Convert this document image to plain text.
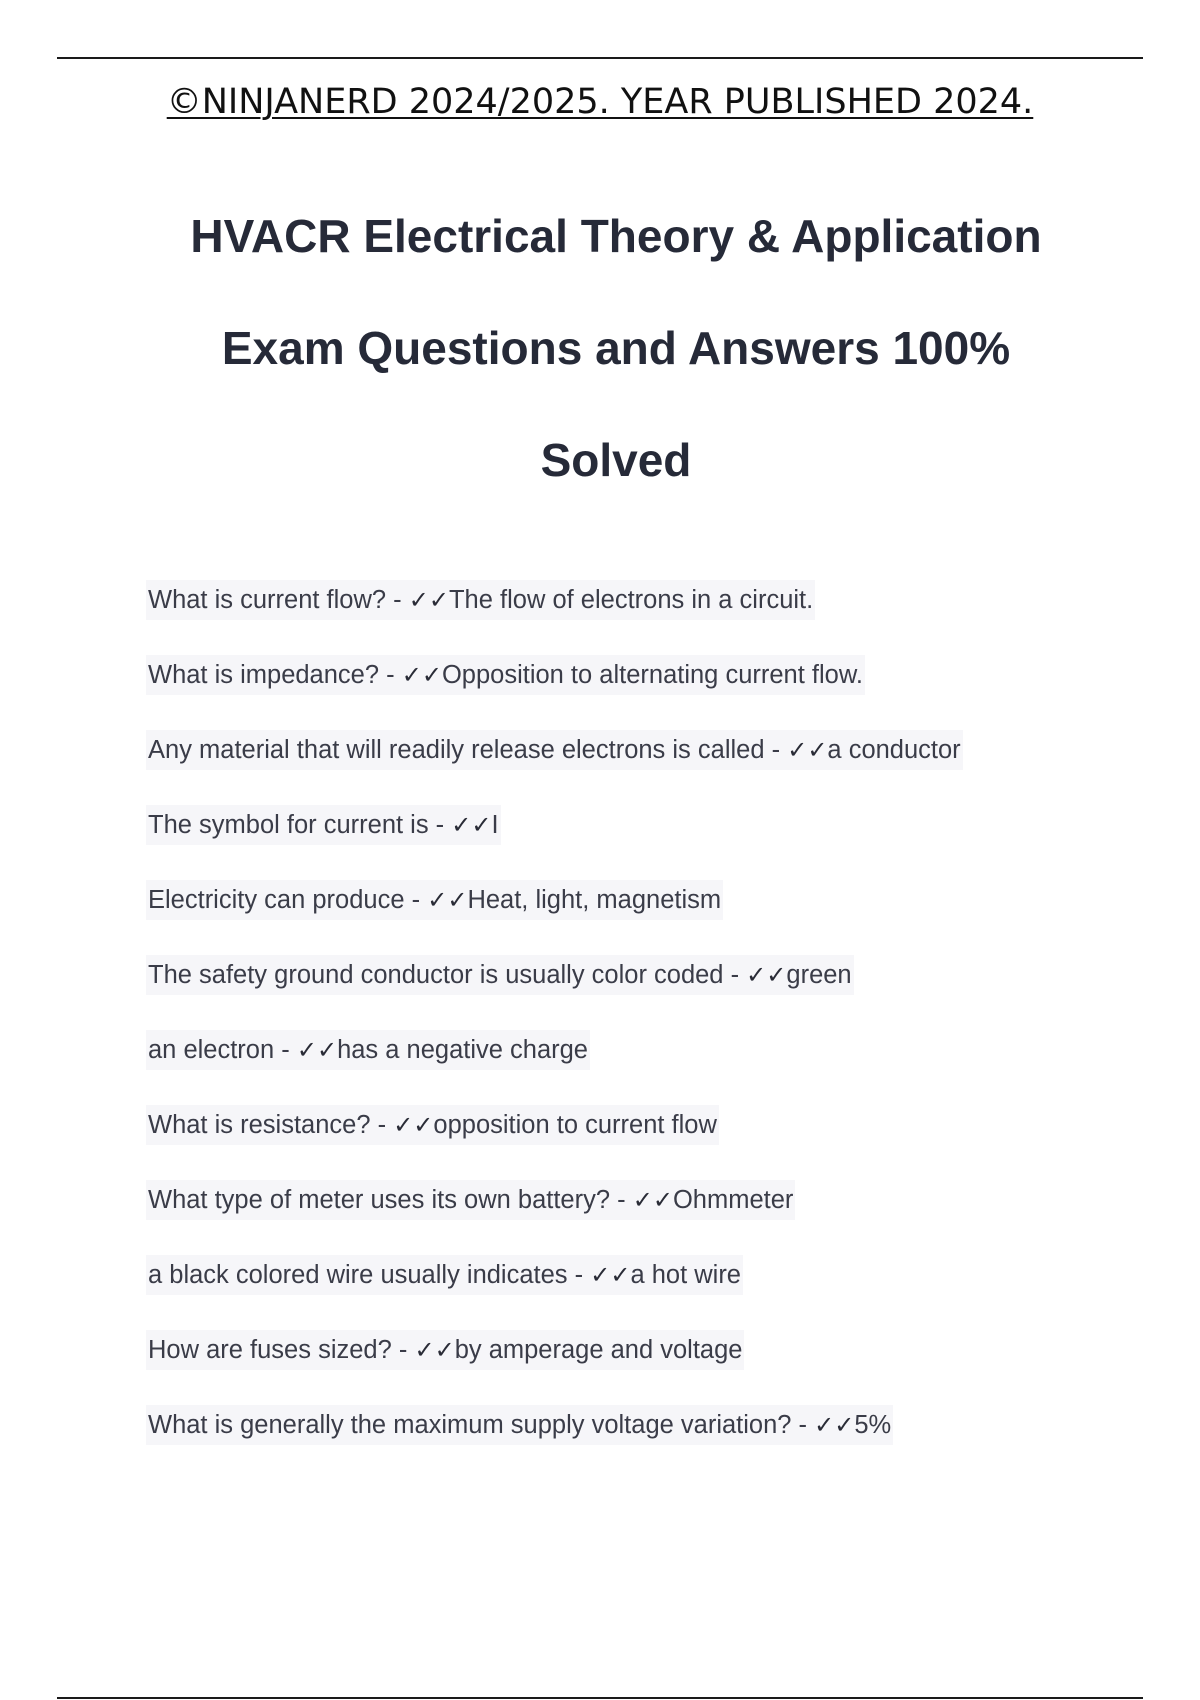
©NINJANERD 2024/2025. YEAR PUBLISHED 2024.
HVACR Electrical Theory & Application
Exam Questions and Answers 100%
Solved
What is current flow? - ✓✓The flow of electrons in a circuit.
What is impedance? - ✓✓Opposition to alternating current flow.
Any material that will readily release electrons is called - ✓✓a conductor
The symbol for current is - ✓✓I
Electricity can produce - ✓✓Heat, light, magnetism
The safety ground conductor is usually color coded - ✓✓green
an electron - ✓✓has a negative charge
What is resistance? - ✓✓opposition to current flow
What type of meter uses its own battery? - ✓✓Ohmmeter
a black colored wire usually indicates - ✓✓a hot wire
How are fuses sized? - ✓✓by amperage and voltage
What is generally the maximum supply voltage variation? - ✓✓5%
